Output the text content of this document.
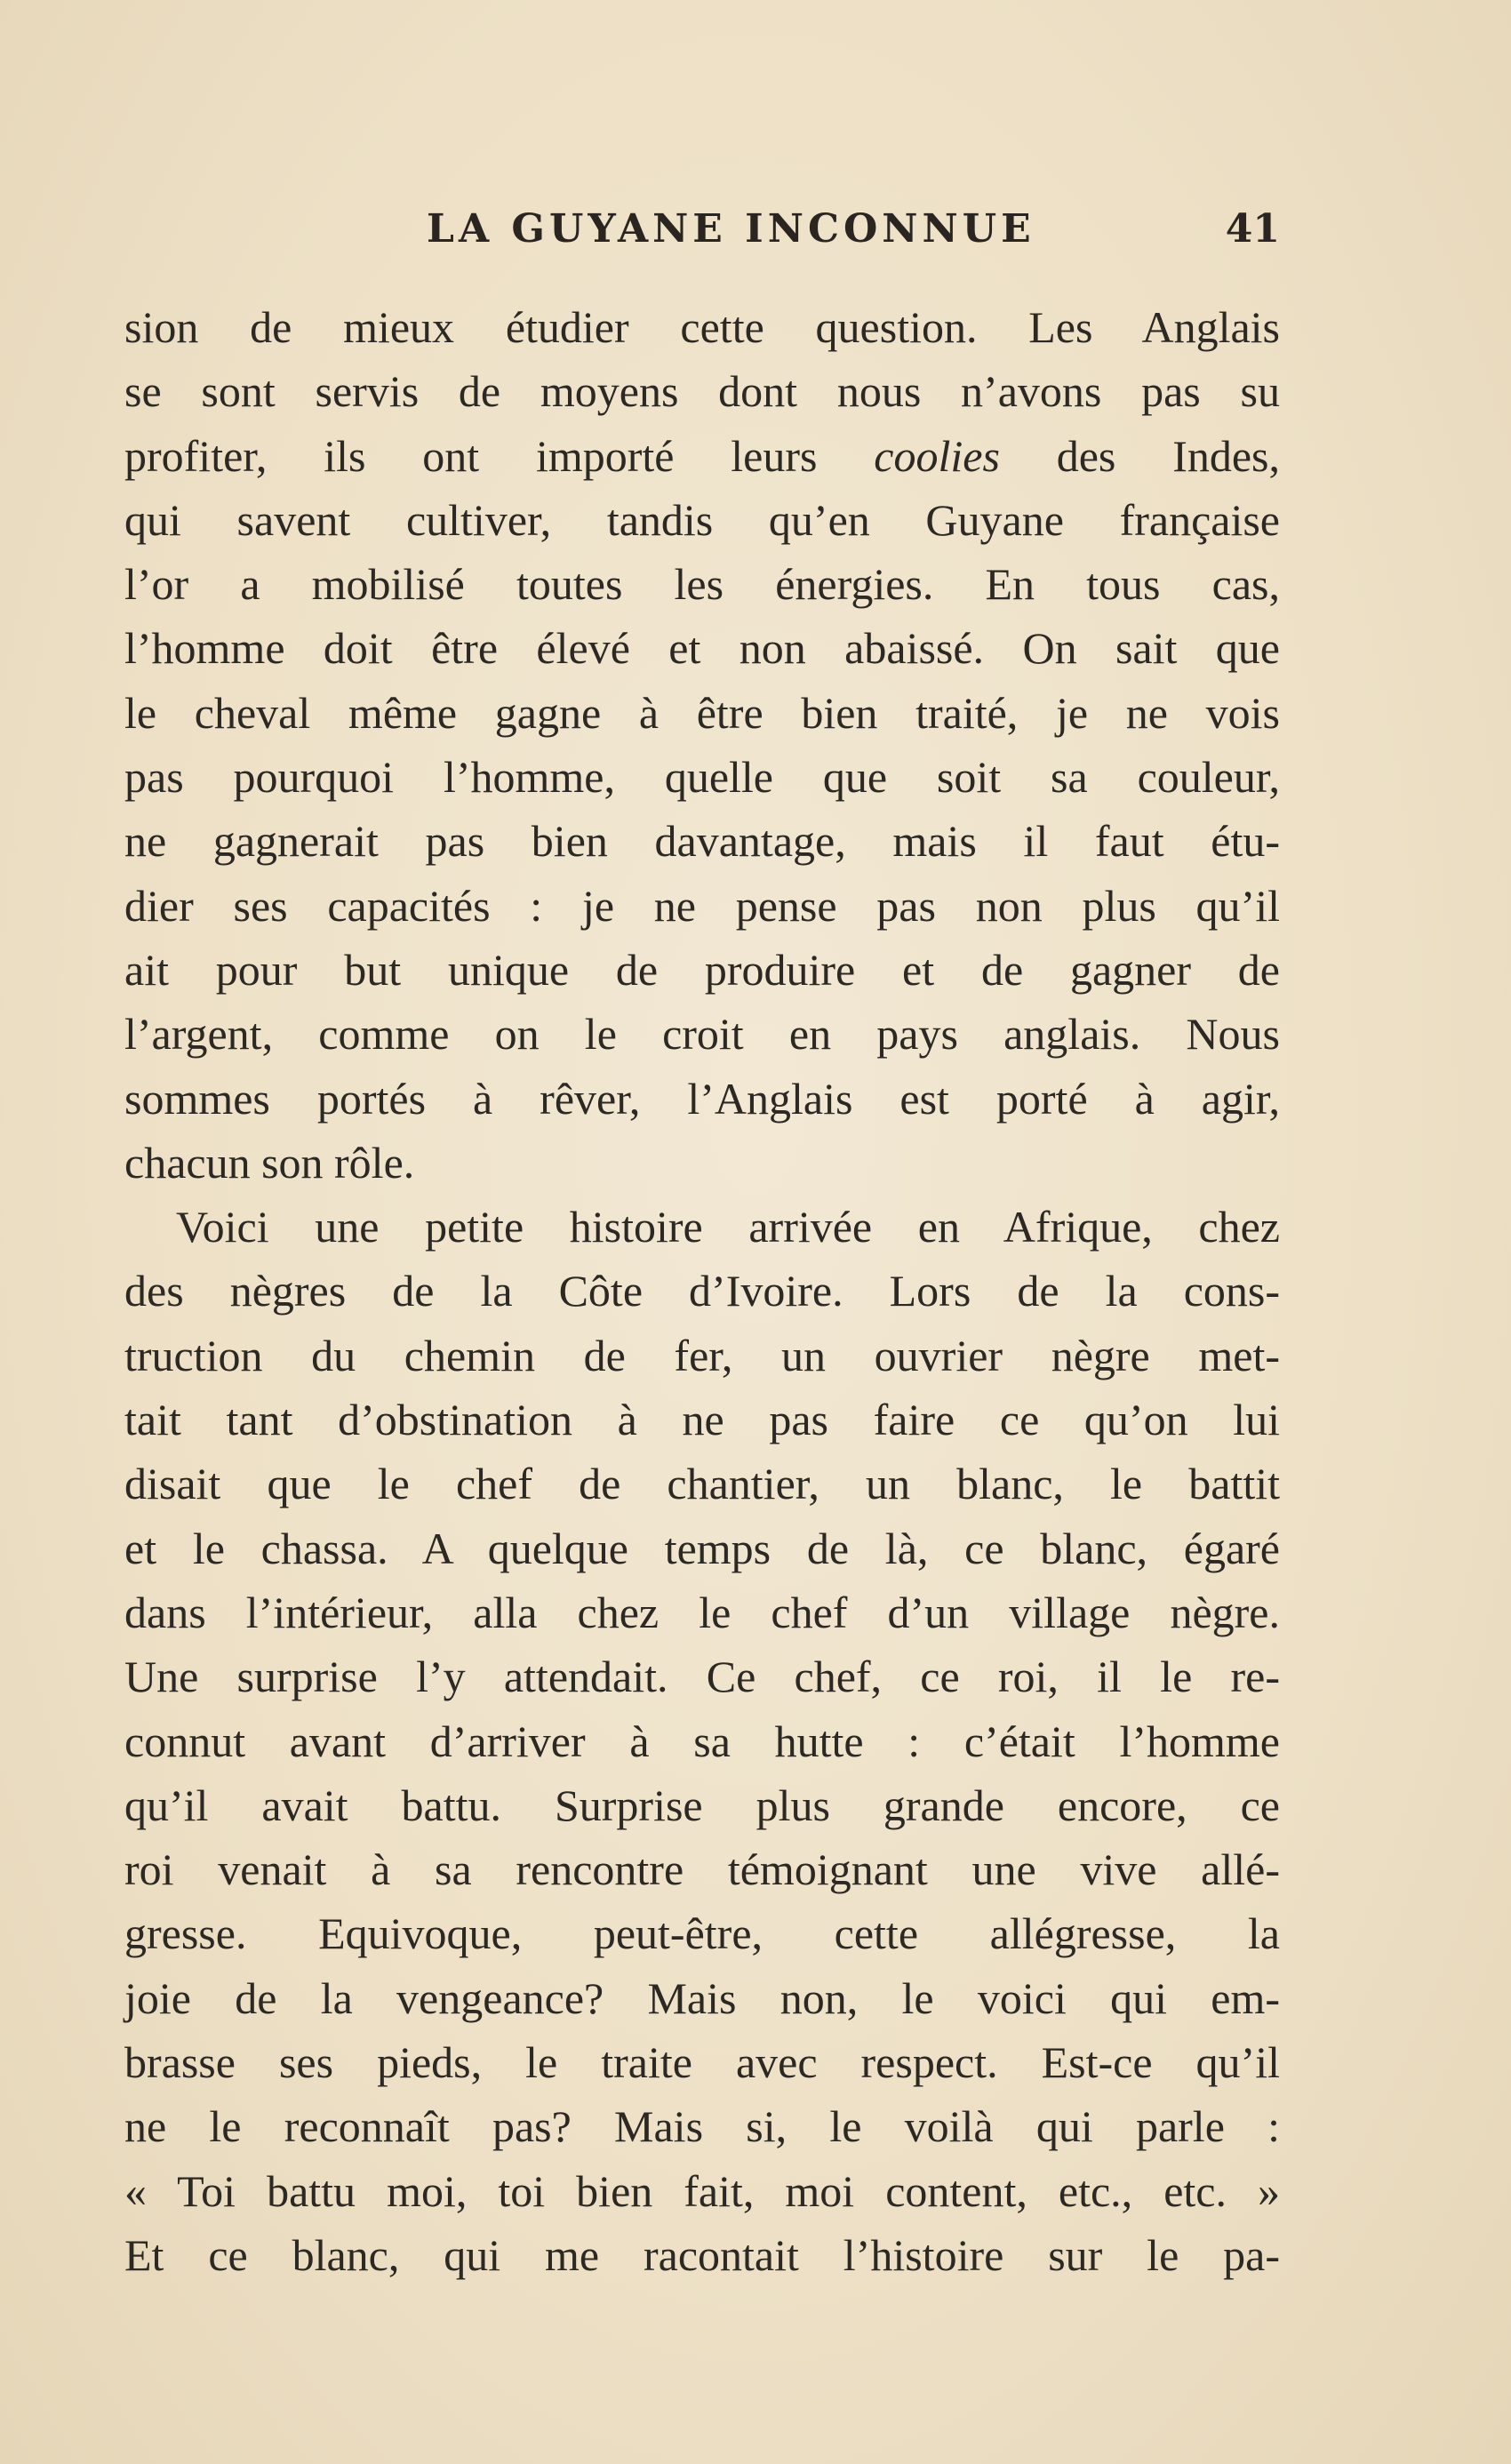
LA GUYANE INCONNUE	41
sion de mieux étudier cette question. Les Anglais
se sont servis de moyens dont nous n’avons pas su
profiter, ils ont importé leurs coolies des Indes,
qui savent cultiver, tandis qu’en Guyane française
l’or a mobilisé toutes les énergies. En tous cas,
l’homme doit être élevé et non abaissé. On sait que
le cheval même gagne à être bien traité, je ne vois
pas pourquoi l’homme, quelle que soit sa couleur,
ne gagnerait pas bien davantage, mais il faut étu-
dier ses capacités : je ne pense pas non plus qu’il
ait pour but unique de produire et de gagner de
l’argent, comme on le croit en pays anglais. Nous
sommes portés à rêver, l’Anglais est porté à agir,
chacun son rôle.
Voici une petite histoire arrivée en Afrique, chez
des nègres de la Côte d’Ivoire. Lors de la cons-
truction du chemin de fer, un ouvrier nègre met-
tait tant d’obstination à ne pas faire ce qu’on lui
disait que le chef de chantier, un blanc, le battit
et le chassa. A quelque temps de là, ce blanc, égaré
dans l’intérieur, alla chez le chef d’un village nègre.
Une surprise l’y attendait. Ce chef, ce roi, il le re-
connut avant d’arriver à sa hutte : c’était l’homme
qu’il avait battu. Surprise plus grande encore, ce
roi venait à sa rencontre témoignant une vive allé-
gresse. Equivoque, peut-être, cette allégresse, la
joie de la vengeance? Mais non, le voici qui em-
brasse ses pieds, le traite avec respect. Est-ce qu’il
ne le reconnaît pas? Mais si, le voilà qui parle :
« Toi battu moi, toi bien fait, moi content, etc., etc. »
Et ce blanc, qui me racontait l’histoire sur le pa-
